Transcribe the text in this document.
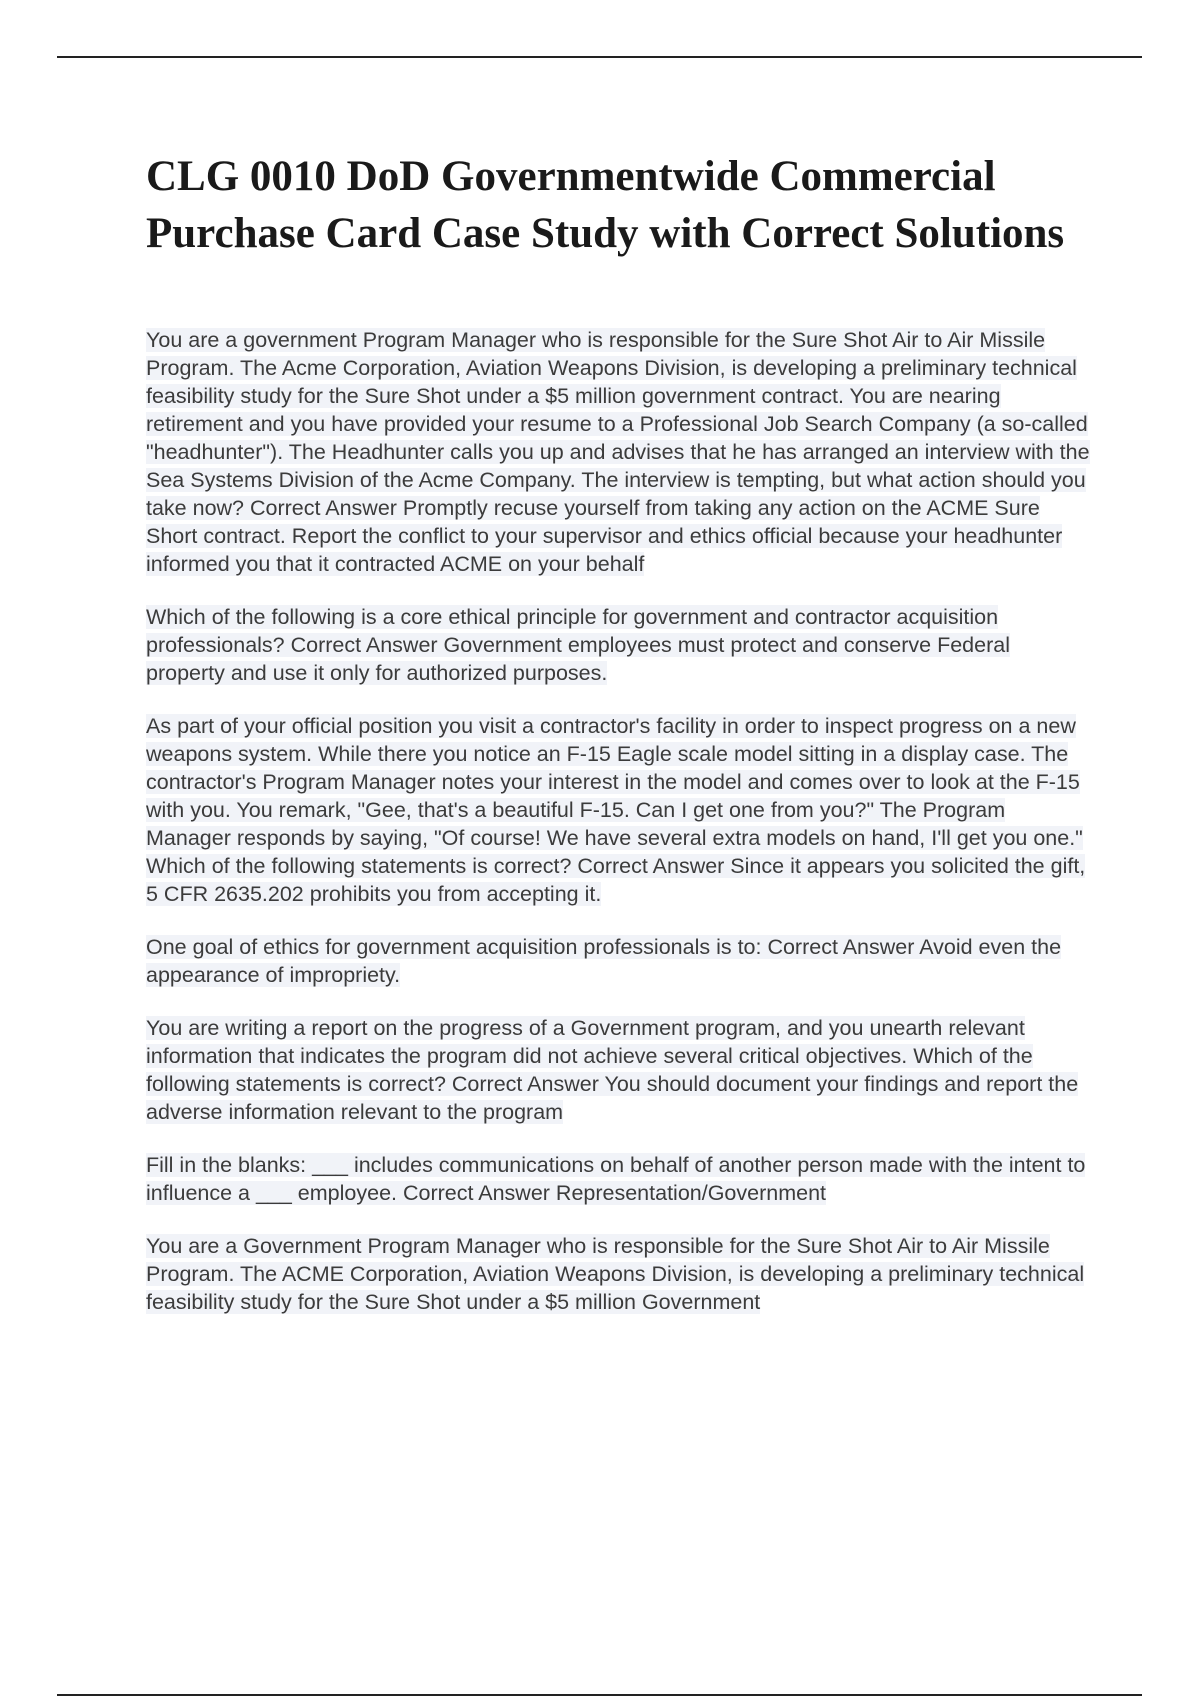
CLG 0010 DoD Governmentwide Commercial Purchase Card Case Study with Correct Solutions

You are a government Program Manager who is responsible for the Sure Shot Air to Air Missile Program. The Acme Corporation, Aviation Weapons Division, is developing a preliminary technical feasibility study for the Sure Shot under a $5 million government contract. You are nearing retirement and you have provided your resume to a Professional Job Search Company (a so-called "headhunter"). The Headhunter calls you up and advises that he has arranged an interview with the Sea Systems Division of the Acme Company. The interview is tempting, but what action should you take now? Correct Answer Promptly recuse yourself from taking any action on the ACME Sure Short contract. Report the conflict to your supervisor and ethics official because your headhunter informed you that it contracted ACME on your behalf

Which of the following is a core ethical principle for government and contractor acquisition professionals? Correct Answer Government employees must protect and conserve Federal property and use it only for authorized purposes.

As part of your official position you visit a contractor's facility in order to inspect progress on a new weapons system. While there you notice an F-15 Eagle scale model sitting in a display case. The contractor's Program Manager notes your interest in the model and comes over to look at the F-15 with you. You remark, "Gee, that's a beautiful F-15. Can I get one from you?" The Program Manager responds by saying, "Of course! We have several extra models on hand, I'll get you one." Which of the following statements is correct? Correct Answer Since it appears you solicited the gift, 5 CFR 2635.202 prohibits you from accepting it.

One goal of ethics for government acquisition professionals is to: Correct Answer Avoid even the appearance of impropriety.

You are writing a report on the progress of a Government program, and you unearth relevant information that indicates the program did not achieve several critical objectives. Which of the following statements is correct? Correct Answer You should document your findings and report the adverse information relevant to the program

Fill in the blanks: ___ includes communications on behalf of another person made with the intent to influence a ___ employee. Correct Answer Representation/Government

You are a Government Program Manager who is responsible for the Sure Shot Air to Air Missile Program. The ACME Corporation, Aviation Weapons Division, is developing a preliminary technical feasibility study for the Sure Shot under a $5 million Government
